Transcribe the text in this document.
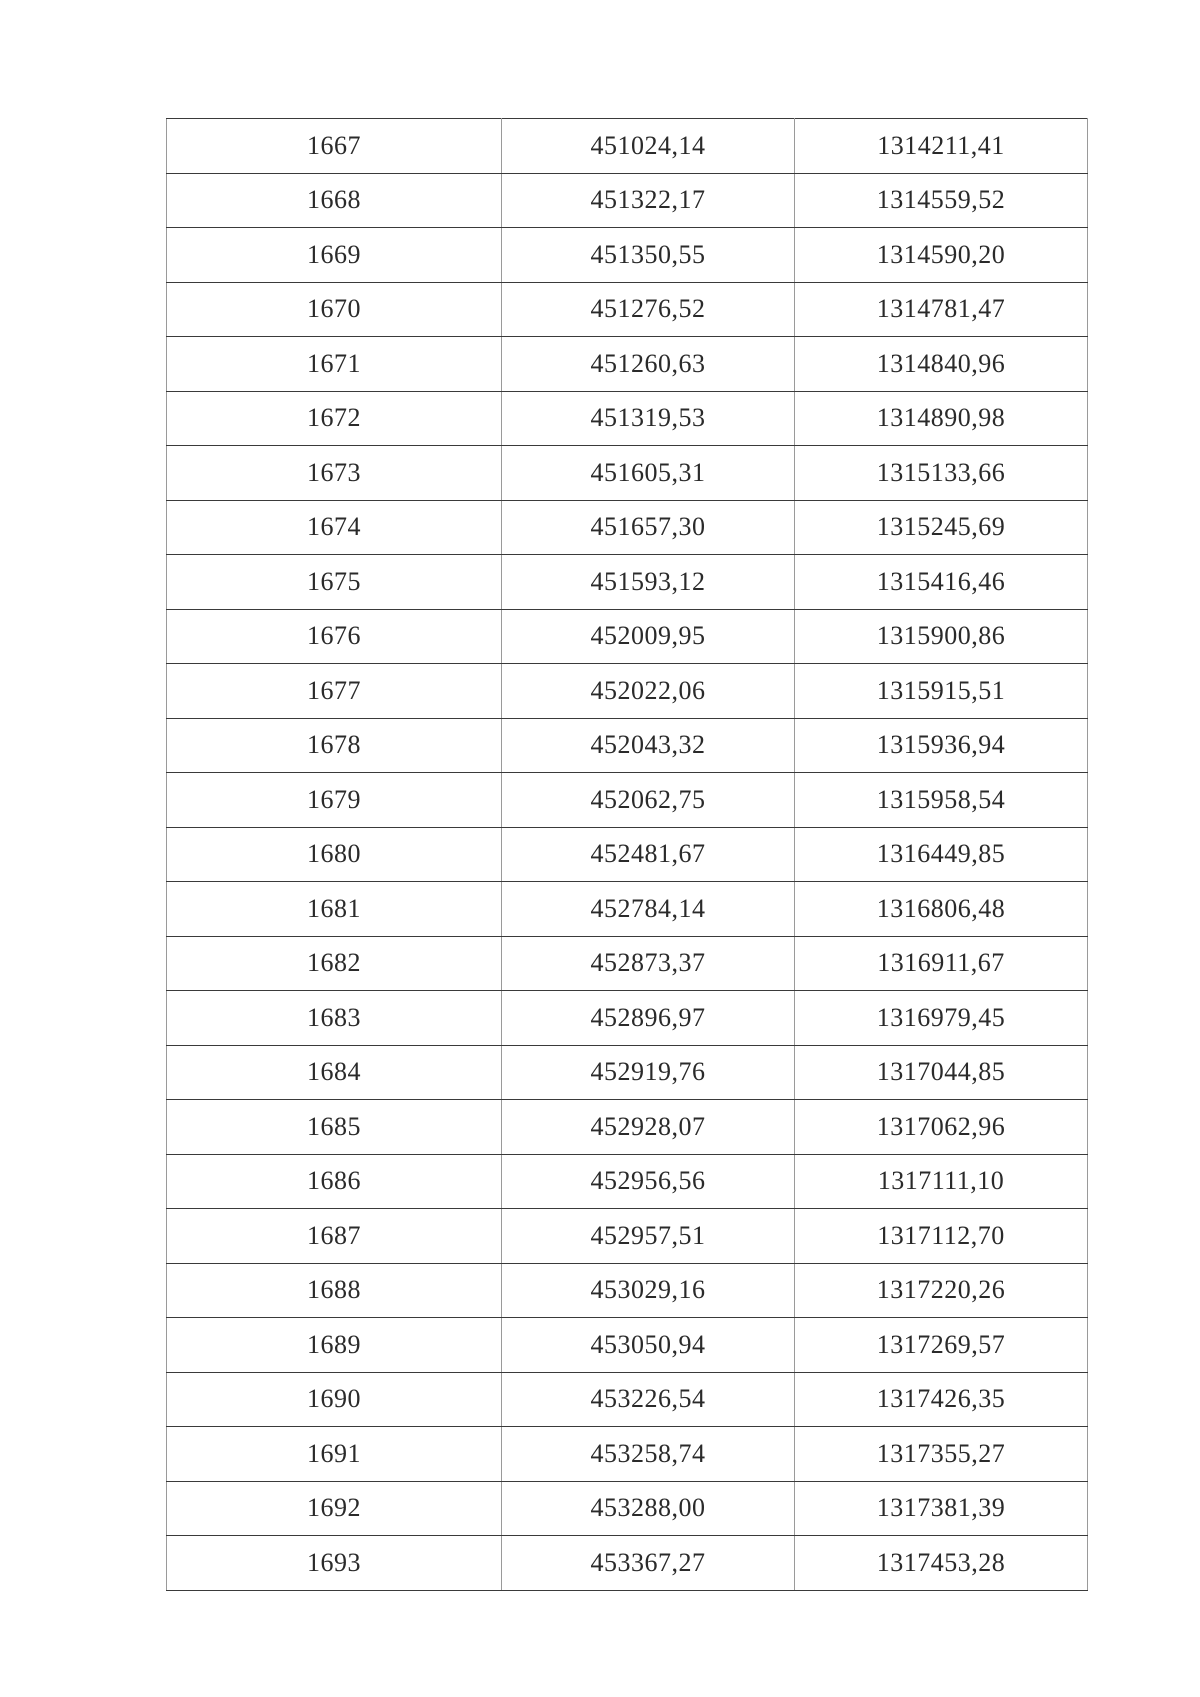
1667	451024,14	1314211,41
1668	451322,17	1314559,52
1669	451350,55	1314590,20
1670	451276,52	1314781,47
1671	451260,63	1314840,96
1672	451319,53	1314890,98
1673	451605,31	1315133,66
1674	451657,30	1315245,69
1675	451593,12	1315416,46
1676	452009,95	1315900,86
1677	452022,06	1315915,51
1678	452043,32	1315936,94
1679	452062,75	1315958,54
1680	452481,67	1316449,85
1681	452784,14	1316806,48
1682	452873,37	1316911,67
1683	452896,97	1316979,45
1684	452919,76	1317044,85
1685	452928,07	1317062,96
1686	452956,56	1317111,10
1687	452957,51	1317112,70
1688	453029,16	1317220,26
1689	453050,94	1317269,57
1690	453226,54	1317426,35
1691	453258,74	1317355,27
1692	453288,00	1317381,39
1693	453367,27	1317453,28
